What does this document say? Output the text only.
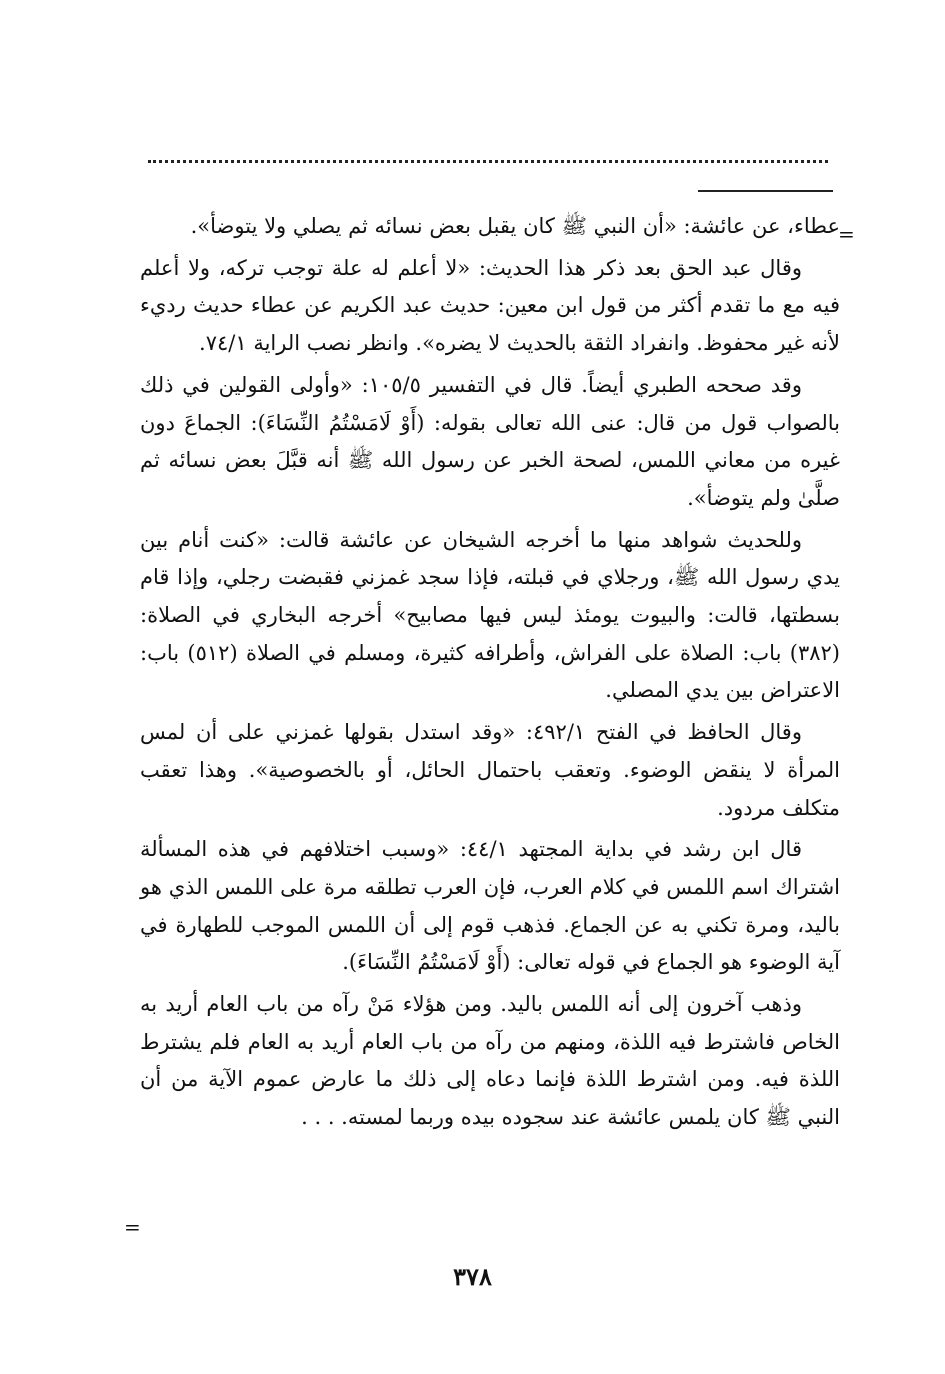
=

عطاء، عن عائشة: «أن النبي ﷺ كان يقبل بعض نسائه ثم يصلي ولا يتوضأ».

وقال عبد الحق بعد ذكر هذا الحديث: «لا أعلم له علة توجب تركه، ولا أعلم فيه مع ما تقدم أكثر من قول ابن معين: حديث عبد الكريم عن عطاء حديث رديء لأنه غير محفوظ. وانفراد الثقة بالحديث لا يضره». وانظر نصب الراية ٧٤/١.

وقد صححه الطبري أيضاً. قال في التفسير ١٠٥/٥: «وأولى القولين في ذلك بالصواب قول من قال: عنى الله تعالى بقوله: (أَوْ لَامَسْتُمُ النِّسَاءَ): الجماعَ دون غيره من معاني اللمس، لصحة الخبر عن رسول الله ﷺ أنه قبَّلَ بعض نسائه ثم صلَّىٰ ولم يتوضأ».

وللحديث شواهد منها ما أخرجه الشيخان عن عائشة قالت: «كنت أنام بين يدي رسول الله ﷺ، ورجلاي في قبلته، فإذا سجد غمزني فقبضت رجلي، وإذا قام بسطتها، قالت: والبيوت يومئذ ليس فيها مصابيح» أخرجه البخاري في الصلاة: (٣٨٢) باب: الصلاة على الفراش، وأطرافه كثيرة، ومسلم في الصلاة (٥١٢) باب: الاعتراض بين يدي المصلي.

وقال الحافظ في الفتح ٤٩٢/١: «وقد استدل بقولها غمزني على أن لمس المرأة لا ينقض الوضوء. وتعقب باحتمال الحائل، أو بالخصوصية». وهذا تعقب متكلف مردود.

قال ابن رشد في بداية المجتهد ٤٤/١: «وسبب اختلافهم في هذه المسألة اشتراك اسم اللمس في كلام العرب، فإن العرب تطلقه مرة على اللمس الذي هو باليد، ومرة تكني به عن الجماع. فذهب قوم إلى أن اللمس الموجب للطهارة في آية الوضوء هو الجماع في قوله تعالى: (أَوْ لَامَسْتُمُ النِّسَاءَ).

وذهب آخرون إلى أنه اللمس باليد. ومن هؤلاء مَنْ رآه من باب العام أريد به الخاص فاشترط فيه اللذة، ومنهم من رآه من باب العام أريد به العام فلم يشترط اللذة فيه. ومن اشترط اللذة فإنما دعاه إلى ذلك ما عارض عموم الآية من أن النبي ﷺ كان يلمس عائشة عند سجوده بيده وربما لمسته. . . .

=
٣٧٨
